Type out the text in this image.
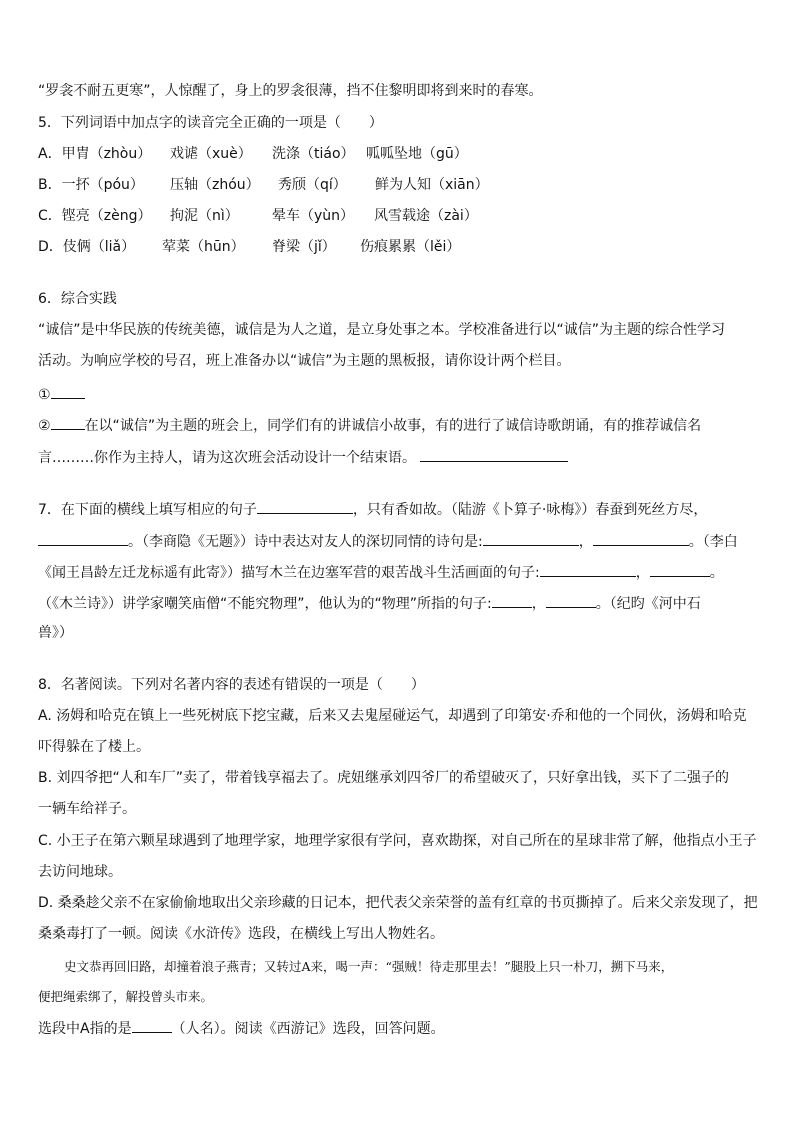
“罗衾不耐五更寒”，人惊醒了，身上的罗衾很薄，挡不住黎明即将到来时的春寒。
5．下列词语中加点字的读音完全正确的一项是（　　）
A．甲胄（zhòu） 戏谑（xuè） 洗涤（tiáo） 呱呱坠地（gū）
B．一抔（póu） 压轴（zhóu） 秀颀（qí） 鲜为人知（xiān）
C．铿亮（zèng） 拘泥（nì） 晕车（yùn） 风雪载途（zài）
D．伎俩（liǎ） 荤菜（hūn） 脊梁（jǐ） 伤痕累累（lěi）
6．综合实践
“诚信”是中华民族的传统美德，诚信是为人之道，是立身处事之本。学校准备进行以“诚信”为主题的综合性学习
活动。为响应学校的号召，班上准备办以“诚信”为主题的黑板报，请你设计两个栏目。
①
② 在以“诚信”为主题的班会上，同学们有的讲诚信小故事，有的进行了诚信诗歌朗诵，有的推荐诚信名
言………你作为主持人，请为这次班会活动设计一个结束语。
7．在下面的横线上填写相应的句子	，只有香如故。（陆游《卜算子·咏梅》）春蚕到死丝方尽，
。（李商隐《无题》）诗中表达对友人的深切同情的诗句是:	，	。（李白
《闻王昌龄左迁龙标遥有此寄》）描写木兰在边塞军营的艰苦战斗生活画面的句子:	，	。
（《木兰诗》）讲学家嘲笑庙僧“不能究物理”，他认为的“物理”所指的句子:	，	。（纪昀《河中石
兽》）
8．名著阅读。下列对名著内容的表述有错误的一项是（　　）
A. 汤姆和哈克在镇上一些死树底下挖宝藏，后来又去鬼屋碰运气，却遇到了印第安·乔和他的一个同伙，汤姆和哈克
吓得躲在了楼上。
B. 刘四爷把“人和车厂”卖了，带着钱享福去了。虎妞继承刘四爷厂的希望破灭了，只好拿出钱，买下了二强子的
一辆车给祥子。
C. 小王子在第六颗星球遇到了地理学家，地理学家很有学问，喜欢勘探，对自己所在的星球非常了解，他指点小王子
去访问地球。
D. 桑桑趁父亲不在家偷偷地取出父亲珍藏的日记本，把代表父亲荣誉的盖有红章的书页撕掉了。后来父亲发现了，把
桑桑毒打了一顿。阅读《水浒传》选段，在横线上写出人物姓名。
史文恭再回旧路，却撞着浪子燕青；又转过A来，喝一声：“强贼！待走那里去！”腿股上只一朴刀，搠下马来，
便把绳索绑了，解投曾头市来。
选段中A指的是	（人名）。阅读《西游记》选段，回答问题。
